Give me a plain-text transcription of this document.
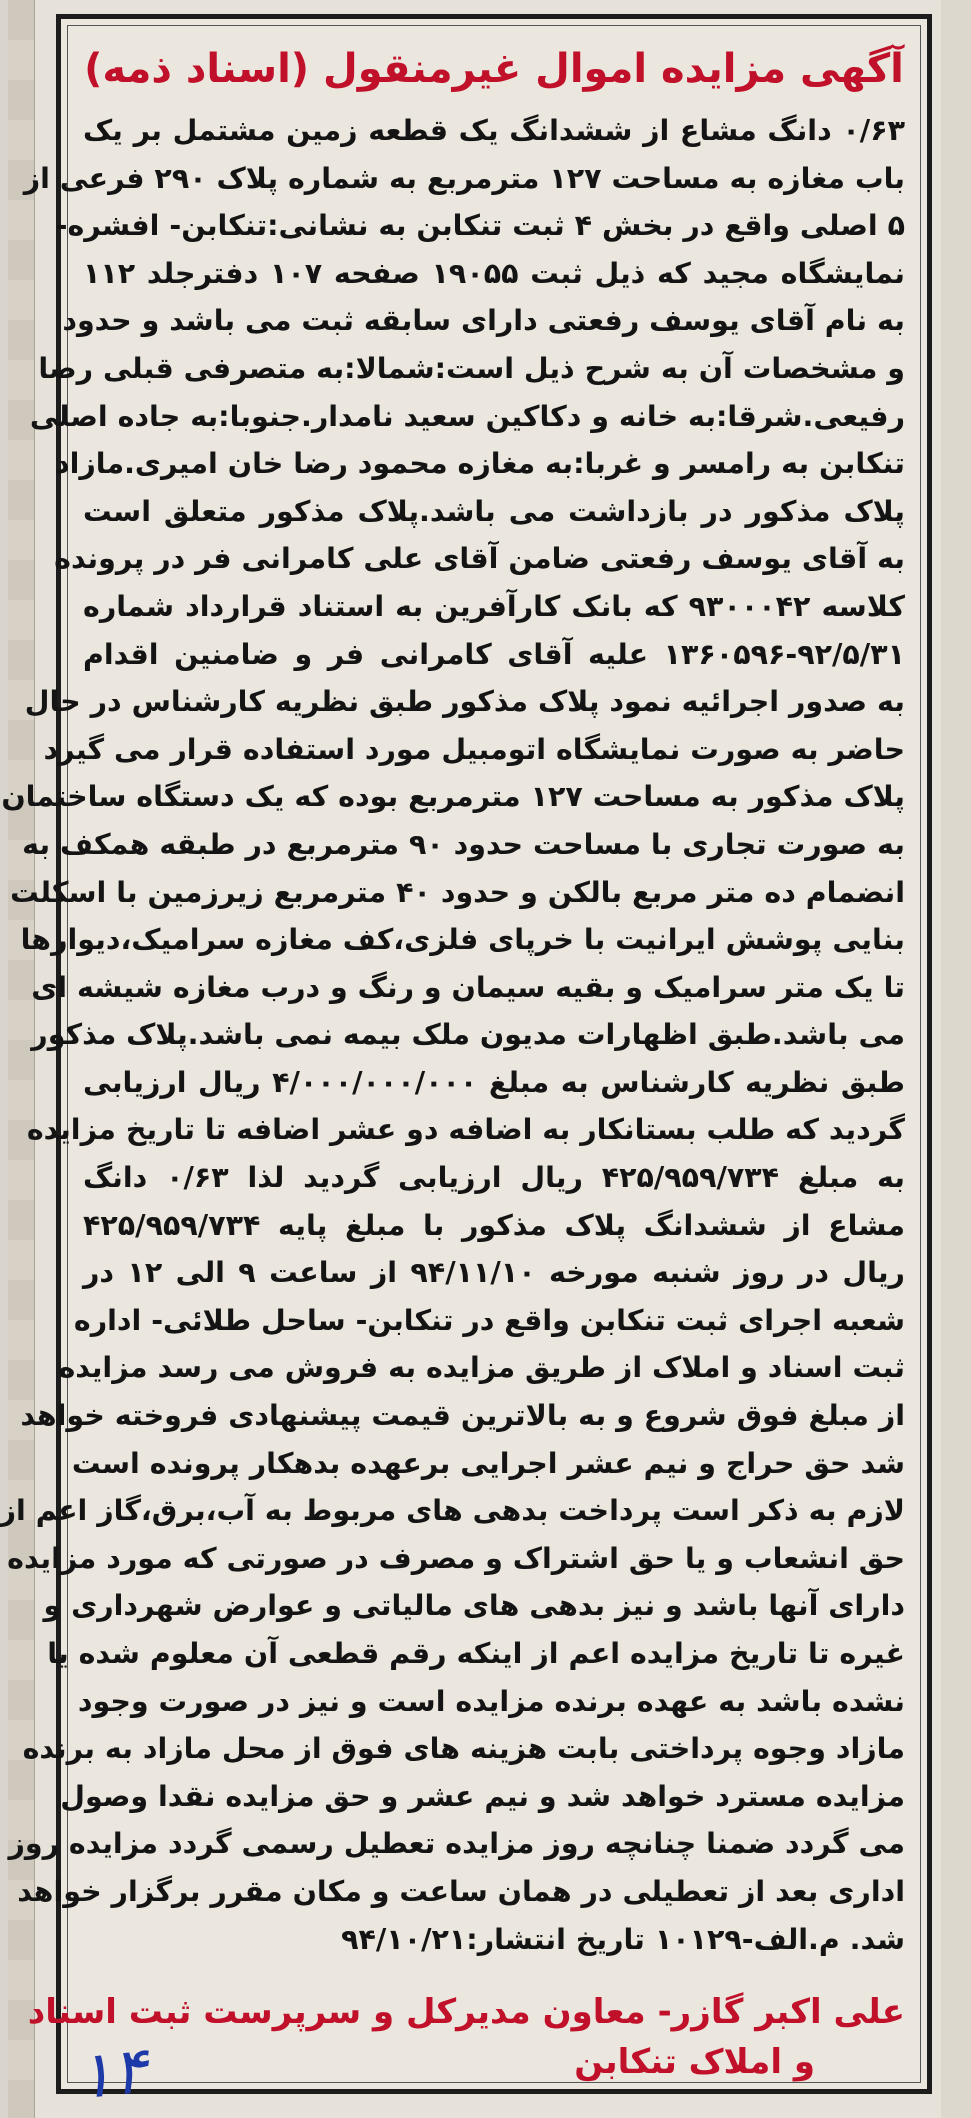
آگهی مزایده اموال غیرمنقول (اسناد ذمه)
۰/۶۳ دانگ مشاع از ششدانگ یک قطعه زمین مشتمل بر یک
باب مغازه به مساحت ۱۲۷ مترمربع به شماره پلاک ۲۹۰ فرعی از
۵ اصلی واقع در بخش ۴ ثبت تنکابن به نشانی:تنکابن- افشره-
نمایشگاه مجید که ذیل ثبت ۱۹۰۵۵ صفحه ۱۰۷ دفترجلد ۱۱۲
به نام آقای یوسف رفعتی دارای سابقه ثبت می باشد و حدود
و مشخصات آن به شرح ذیل است:شمالا:به متصرفی قبلی رضا
رفیعی.شرقا:به خانه و دکاکین سعید نامدار.جنوبا:به جاده اصلی
تنکابن به رامسر و غربا:به مغازه محمود رضا خان امیری.مازاد
پلاک مذکور در بازداشت می باشد.پلاک مذکور متعلق است
به آقای یوسف رفعتی ضامن آقای علی کامرانی فر در پرونده
کلاسه ۹۳۰۰۰۴۲ که بانک کارآفرین به استناد قرارداد شماره
۱۳۶۰۵۹۶-۹۲/۵/۳۱ علیه آقای کامرانی فر و ضامنین اقدام
به صدور اجرائیه نمود پلاک مذکور طبق نظریه کارشناس در حال
حاضر به صورت نمایشگاه اتومبیل مورد استفاده قرار می گیرد
پلاک مذکور به مساحت ۱۲۷ مترمربع بوده که یک دستگاه ساختمان
به صورت تجاری با مساحت حدود ۹۰ مترمربع در طبقه همکف به
انضمام ده متر مربع بالکن و حدود ۴۰ مترمربع زیرزمین با اسکلت
بنایی پوشش ایرانیت با خرپای فلزی،کف مغازه سرامیک،دیوارها
تا یک متر سرامیک و بقیه سیمان و رنگ و درب مغازه شیشه ای
می باشد.طبق اظهارات مدیون ملک بیمه نمی باشد.پلاک مذکور
طبق نظریه کارشناس به مبلغ ۴/۰۰۰/۰۰۰/۰۰۰ ریال ارزیابی
گردید که طلب بستانکار به اضافه دو عشر اضافه تا تاریخ مزایده
به مبلغ ۴۲۵/۹۵۹/۷۳۴ ریال ارزیابی گردید لذا ۰/۶۳ دانگ
مشاع از ششدانگ پلاک مذکور با مبلغ پایه ۴۲۵/۹۵۹/۷۳۴
ریال در روز شنبه مورخه ۹۴/۱۱/۱۰ از ساعت ۹ الی ۱۲ در
شعبه اجرای ثبت تنکابن واقع در تنکابن- ساحل طلائی- اداره
ثبت اسناد و املاک از طریق مزایده به فروش می رسد مزایده
از مبلغ فوق شروع و به بالاترین قیمت پیشنهادی فروخته خواهد
شد حق حراج و نیم عشر اجرایی برعهده بدهکار پرونده است
لازم به ذکر است پرداخت بدهی های مربوط به آب،برق،گاز اعم از
حق انشعاب و یا حق اشتراک و مصرف در صورتی که مورد مزایده
دارای آنها باشد و نیز بدهی های مالیاتی و عوارض شهرداری و
غیره تا تاریخ مزایده اعم از اینکه رقم قطعی آن معلوم شده یا
نشده باشد به عهده برنده مزایده است و نیز در صورت وجود
مازاد وجوه پرداختی بابت هزینه های فوق از محل مازاد به برنده
مزایده مسترد خواهد شد و نیم عشر و حق مزایده نقدا وصول
می گردد ضمنا چنانچه روز مزایده تعطیل رسمی گردد مزایده روز
اداری بعد از تعطیلی در همان ساعت و مکان مقرر برگزار خواهد
شد. م.الف-۱۰۱۲۹ تاریخ انتشار:۹۴/۱۰/۲۱
علی اکبر گازر- معاون مدیرکل و سرپرست ثبت اسناد
و املاک تنکابن
۱۴
